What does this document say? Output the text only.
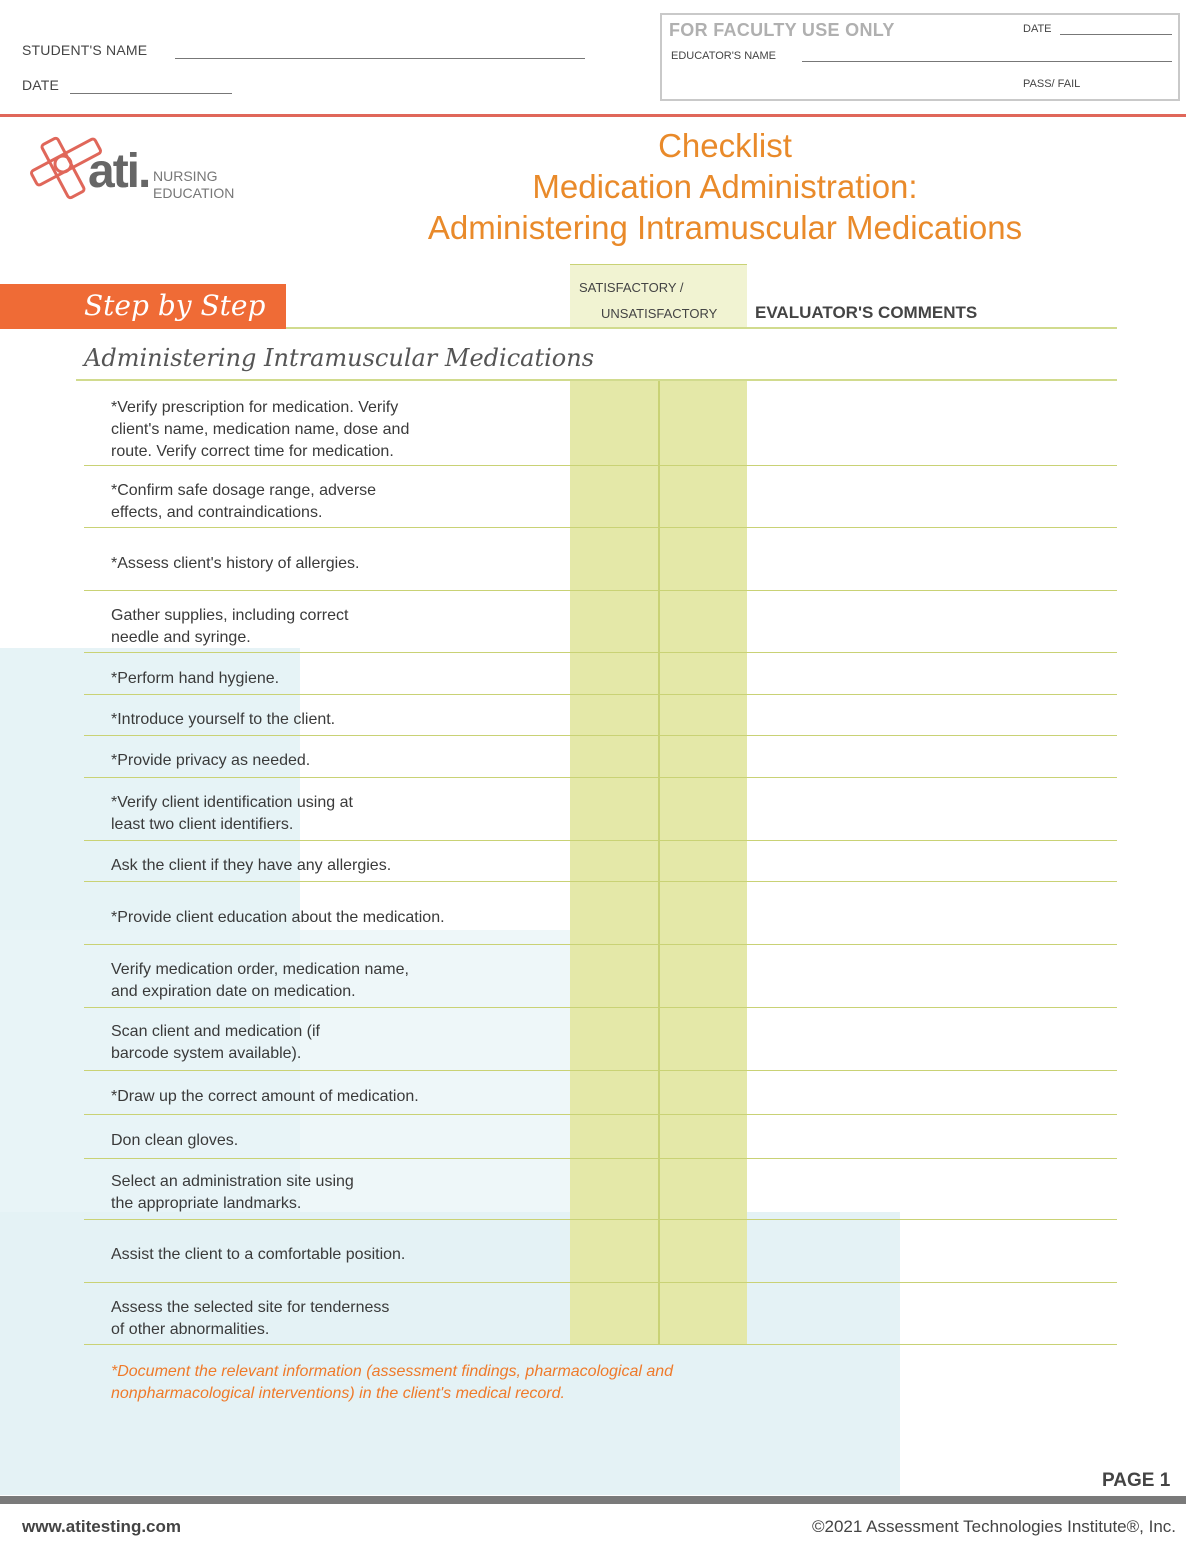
STUDENT'S NAME
DATE
FOR FACULTY USE ONLY	DATE
EDUCATOR'S NAME
PASS/ FAIL
ati. NURSING
EDUCATION
Checklist
Medication Administration:
Administering Intramuscular Medications
Step by Step
SATISFACTORY /
UNSATISFACTORY EVALUATOR'S COMMENTS
Administering Intramuscular Medications
*Verify prescription for medication. Verify
client's name, medication name, dose and
route. Verify correct time for medication.
*Confirm safe dosage range, adverse
effects, and contraindications.
*Assess client's history of allergies.
Gather supplies, including correct
needle and syringe.
*Perform hand hygiene.
*Introduce yourself to the client.
*Provide privacy as needed.
*Verify client identification using at
least two client identifiers.
Ask the client if they have any allergies.
*Provide client education about the medication.
Verify medication order, medication name,
and expiration date on medication.
Scan client and medication (if
barcode system available).
*Draw up the correct amount of medication.
Don clean gloves.
Select an administration site using
the appropriate landmarks.
Assist the client to a comfortable position.
Assess the selected site for tenderness
of other abnormalities.
*Document the relevant information (assessment findings, pharmacological and
nonpharmacological interventions) in the client's medical record.
PAGE 1
www.atitesting.com	©2021 Assessment Technologies Institute®, Inc.
